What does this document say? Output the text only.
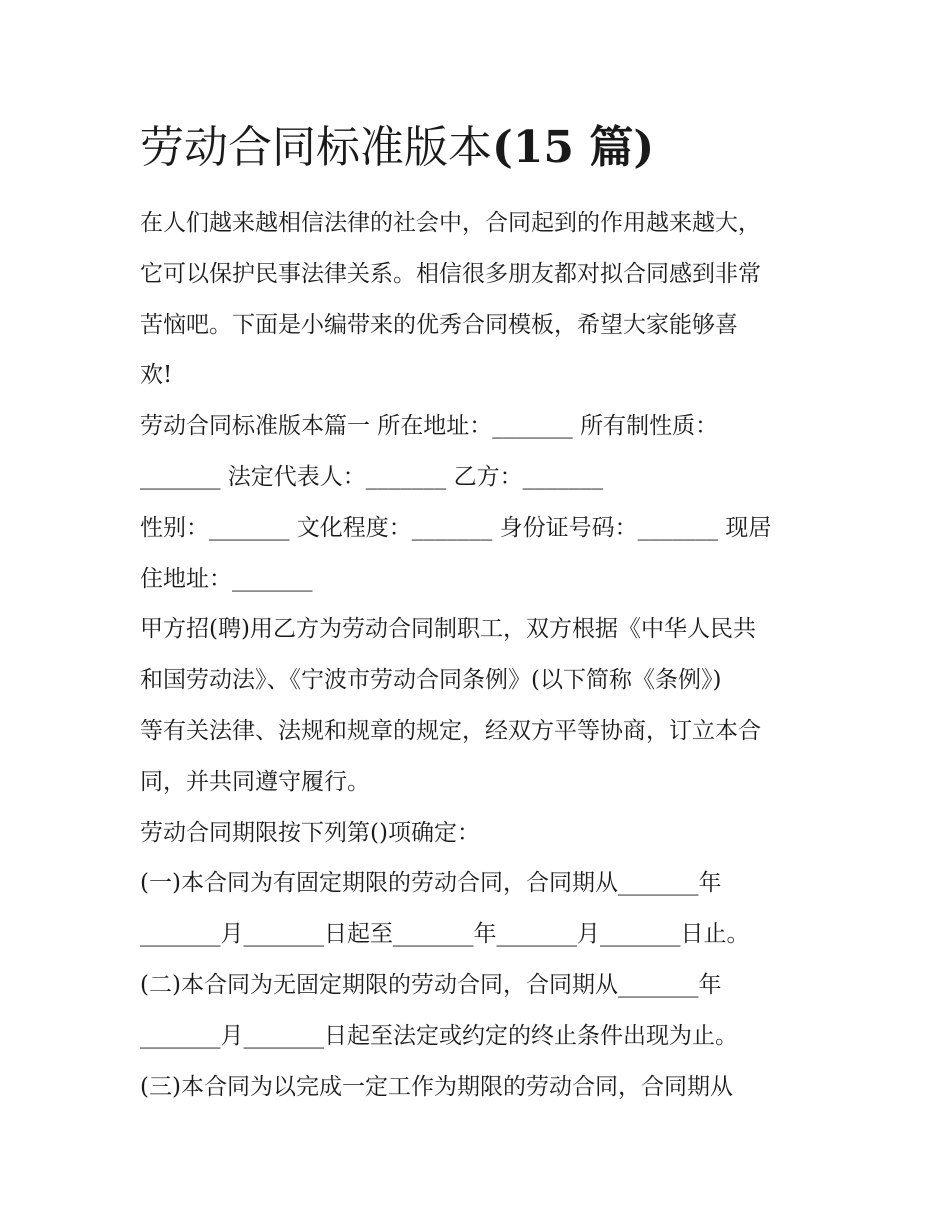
劳动合同标准版本(15 篇)
在人们越来越相信法律的社会中，合同起到的作用越来越大，
它可以保护民事法律关系。相信很多朋友都对拟合同感到非常
苦恼吧。下面是小编带来的优秀合同模板，希望大家能够喜
欢!
劳动合同标准版本篇一 所在地址：_______ 所有制性质：
_______ 法定代表人：_______ 乙方：_______
性别：_______ 文化程度：_______ 身份证号码：_______ 现居
住地址：_______
甲方招(聘)用乙方为劳动合同制职工，双方根据《中华人民共
和国劳动法》、《宁波市劳动合同条例》(以下简称《条例》)
等有关法律、法规和规章的规定，经双方平等协商，订立本合
同，并共同遵守履行。
劳动合同期限按下列第()项确定：
(一)本合同为有固定期限的劳动合同，合同期从_______年
_______月_______日起至_______年_______月_______日止。
(二)本合同为无固定期限的劳动合同，合同期从_______年
_______月_______日起至法定或约定的终止条件出现为止。
(三)本合同为以完成一定工作为期限的劳动合同，合同期从
